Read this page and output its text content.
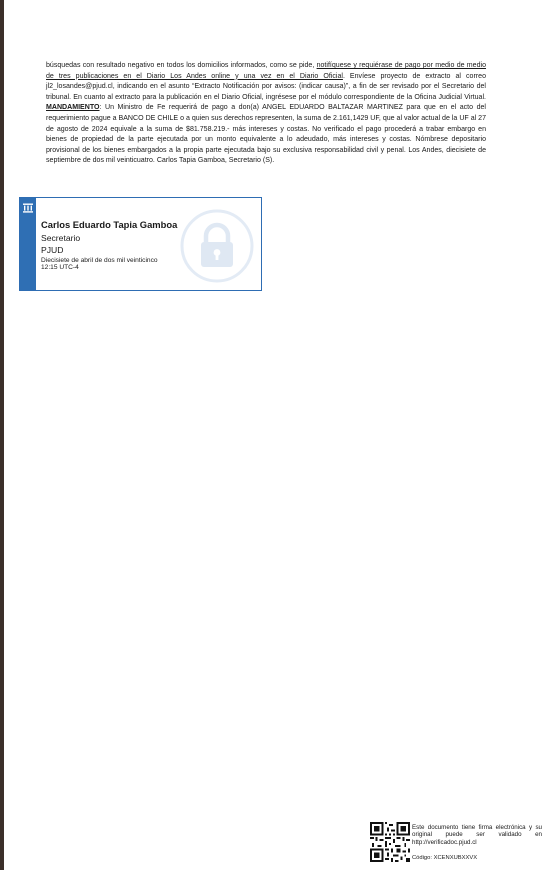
búsquedas con resultado negativo en todos los domicilios informados, como se pide, notifíquese y requiérase de pago por medio de medio de tres publicaciones en el Diario Los Andes online y una vez en el Diario Oficial. Envíese proyecto de extracto al correo jl2_losandes@pjud.cl, indicando en el asunto “Extracto Notificación por avisos: (indicar causa)”, a fin de ser revisado por el Secretario del tribunal. En cuanto al extracto para la publicación en el Diario Oficial, ingrésese por el módulo correspondiente de la Oficina Judicial Virtual. MANDAMIENTO: Un Ministro de Fe requerirá de pago a don(a) ANGEL EDUARDO BALTAZAR MARTINEZ para que en el acto del requerimiento pague a BANCO DE CHILE o a quien sus derechos representen, la suma de 2.161,1429 UF, que al valor actual de la UF al 27 de agosto de 2024 equivale a la suma de $81.758.219.- más intereses y costas. No verificado el pago procederá a trabar embargo en bienes de propiedad de la parte ejecutada por un monto equivalente a lo adeudado, más intereses y costas. Nómbrese depositario provisional de los bienes embargados a la propia parte ejecutada bajo su exclusiva responsabilidad civil y penal. Los Andes, diecisiete de septiembre de dos mil veinticuatro. Carlos Tapia Gamboa, Secretario (S).
Carlos Eduardo Tapia Gamboa
Secretario
PJUD
Diecisiete de abril de dos mil veinticinco
12:15 UTC-4
Este documento tiene firma electrónica y su original puede ser validado en http://verificadoc.pjud.cl
Código: XCENXUBXXVX
